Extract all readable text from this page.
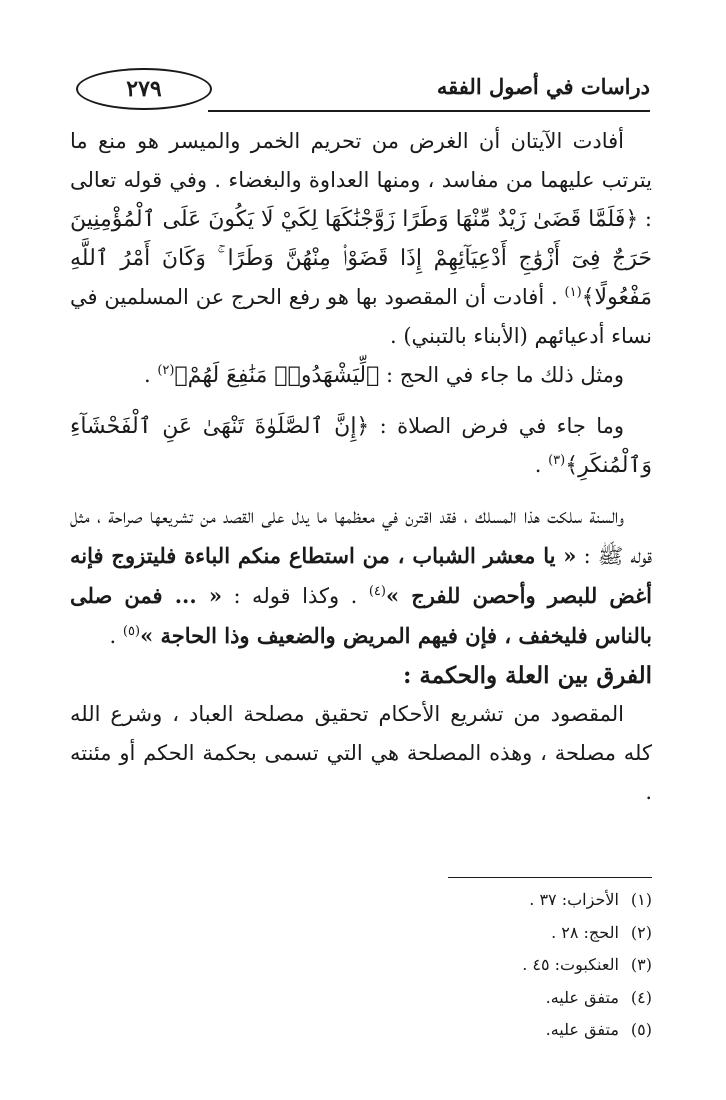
٢٧٩	دراسات في أصول الفقه

أفادت الآيتان أن الغرض من تحريم الخمر والميسر هو منع ما يترتب عليهما من مفاسد ، ومنها العداوة والبغضاء . وفي قوله تعالى : ﴿فَلَمَّا قَضَىٰ زَيْدٌ مِّنْهَا وَطَرًا زَوَّجْنَٰكَهَا لِكَيْ لَا يَكُونَ عَلَى ٱلْمُؤْمِنِينَ حَرَجٌ فِىٓ أَزْوَٰجِ أَدْعِيَآئِهِمْ إِذَا قَضَوْا۟ مِنْهُنَّ وَطَرًا ۚ وَكَانَ أَمْرُ ٱللَّهِ مَفْعُولًا﴾$^{(١)}$ . أفادت أن المقصود بها هو رفع الحرج عن المسلمين في نساء أدعيائهم (الأبناء بالتبني) .

ومثل ذلك ما جاء في الحج : ﴿لِّيَشْهَدُوا۟ مَنَٰفِعَ لَهُمْ﴾$^{(٢)}$ .

وما جاء في فرض الصلاة : ﴿إِنَّ ٱلصَّلَوٰةَ تَنْهَىٰ عَنِ ٱلْفَحْشَآءِ وَٱلْمُنكَرِ﴾$^{(٣)}$ .

والسنة سلكت هذا المسلك ، فقد اقترن في معظمها ما يدل على القصد من تشريعها صراحة ، مثل قوله ﷺ : « يا معشر الشباب ، من استطاع منكم الباءة فليتزوج فإنه أغض للبصر وأحصن للفرج »$^{(٤)}$ . وكذا قوله : « ... فمن صلى بالناس فليخفف ، فإن فيهم المريض والضعيف وذا الحاجة »$^{(٥)}$ .

الفرق بين العلة والحكمة :

المقصود من تشريع الأحكام تحقيق مصلحة العباد ، وشرع الله كله مصلحة ، وهذه المصلحة هي التي تسمى بحكمة الحكم أو مئنته .

(١) الأحزاب: ٣٧ .
(٢) الحج: ٢٨ .
(٣) العنكبوت: ٤٥ .
(٤) متفق عليه.
(٥) متفق عليه.
